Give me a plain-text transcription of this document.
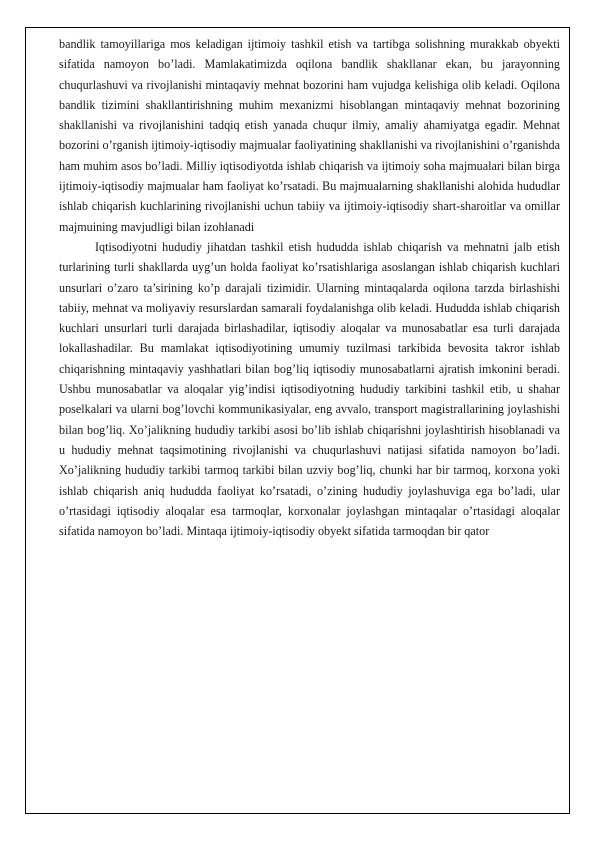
bandlik tamoyillariga mos keladigan ijtimoiy tashkil etish va tartibga solishning murakkab obyekti sifatida namoyon bo’ladi. Mamlakatimizda oqilona bandlik shakllanar ekan, bu jarayonning chuqurlashuvi va rivojlanishi mintaqaviy mehnat bozorini ham vujudga kelishiga olib keladi. Oqilona bandlik tizimini shakllantirishning muhim mexanizmi hisoblangan mintaqaviy mehnat bozorining shakllanishi va rivojlanishini tadqiq etish yanada chuqur ilmiy, amaliy ahamiyatga egadir. Mehnat bozorini o’rganish ijtimoiy-iqtisodiy majmualar faoliyatining shakllanishi va rivojlanishini o’rganishda ham muhim asos bo’ladi. Milliy iqtisodiyotda ishlab chiqarish va ijtimoiy soha majmualari bilan birga ijtimoiy-iqtisodiy majmualar ham faoliyat ko’rsatadi. Bu majmualarning shakllanishi alohida hududlar ishlab chiqarish kuchlarining rivojlanishi uchun tabiiy va ijtimoiy-iqtisodiy shart-sharoitlar va omillar majmuining mavjudligi bilan izohlanadi

Iqtisodiyotni hududiy jihatdan tashkil etish hududda ishlab chiqarish va mehnatni jalb etish turlarining turli shakllarda uyg’un holda faoliyat ko’rsatishlariga asoslangan ishlab chiqarish kuchlari unsurlari o’zaro ta’sirining ko’p darajali tizimidir. Ularning mintaqalarda oqilona tarzda birlashishi tabiiy, mehnat va moliyaviy resurslardan samarali foydalanishga olib keladi. Hududda ishlab chiqarish kuchlari unsurlari turli darajada birlashadilar, iqtisodiy aloqalar va munosabatlar esa turli darajada lokallashadilar. Bu mamlakat iqtisodiyotining umumiy tuzilmasi tarkibida bevosita takror ishlab chiqarishning mintaqaviy yashhatlari bilan bog’liq iqtisodiy munosabatlarni ajratish imkonini beradi. Ushbu munosabatlar va aloqalar yig’indisi iqtisodiyotning hududiy tarkibini tashkil etib, u shahar poselkalari va ularni bog’lovchi kommunikasiyalar, eng avvalo, transport magistrallarining joylashishi bilan bog’liq. Xo’jalikning hududiy tarkibi asosi bo’lib ishlab chiqarishni joylashtirish hisoblanadi va u hududiy mehnat taqsimotining rivojlanishi va chuqurlashuvi natijasi sifatida namoyon bo’ladi. Xo’jalikning hududiy tarkibi tarmoq tarkibi bilan uzviy bog’liq, chunki har bir tarmoq, korxona yoki ishlab chiqarish aniq hududda faoliyat ko’rsatadi, o’zining hududiy joylashuviga ega bo’ladi, ular o’rtasidagi iqtisodiy aloqalar esa tarmoqlar, korxonalar joylashgan mintaqalar o’rtasidagi aloqalar sifatida namoyon bo’ladi. Mintaqa ijtimoiy-iqtisodiy obyekt sifatida tarmoqdan bir qator
